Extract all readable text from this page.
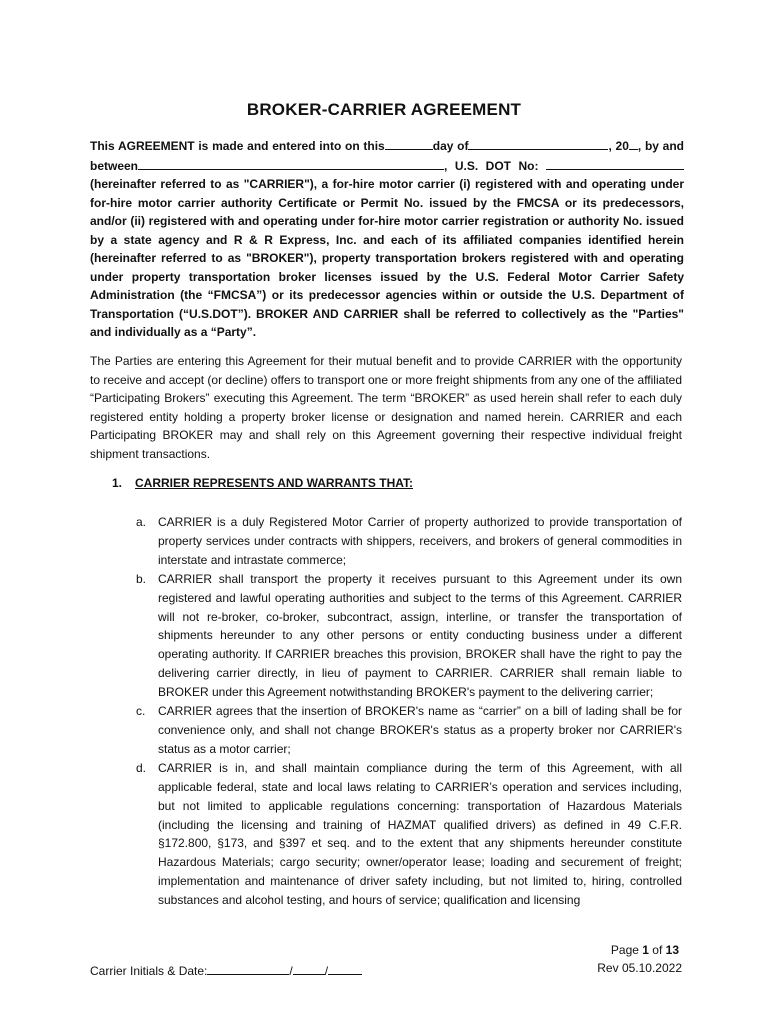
BROKER-CARRIER AGREEMENT
This AGREEMENT is made and entered into on this	day of	, 20 , by and between	, U.S. DOT No:  (hereinafter referred to as "CARRIER"), a for-hire motor carrier (i) registered with and operating under for-hire motor carrier authority Certificate or Permit No. issued by the FMCSA or its predecessors, and/or (ii) registered with and operating under for-hire motor carrier registration or authority No. issued by a state agency and R & R Express, Inc. and each of its affiliated companies identified herein (hereinafter referred to as "BROKER"), property transportation brokers registered with and operating under property transportation broker licenses issued by the U.S. Federal Motor Carrier Safety Administration (the “FMCSA”) or its predecessor agencies within or outside the U.S. Department of Transportation (“U.S.DOT”). BROKER AND CARRIER shall be referred to collectively as the "Parties" and individually as a “Party”.
The Parties are entering this Agreement for their mutual benefit and to provide CARRIER with the opportunity to receive and accept (or decline) offers to transport one or more freight shipments from any one of the affiliated “Participating Brokers” executing this Agreement. The term “BROKER” as used herein shall refer to each duly registered entity holding a property broker license or designation and named herein. CARRIER and each Participating BROKER may and shall rely on this Agreement governing their respective individual freight shipment transactions.
1. CARRIER REPRESENTS AND WARRANTS THAT:
a. CARRIER is a duly Registered Motor Carrier of property authorized to provide transportation of property services under contracts with shippers, receivers, and brokers of general commodities in interstate and intrastate commerce;
b. CARRIER shall transport the property it receives pursuant to this Agreement under its own registered and lawful operating authorities and subject to the terms of this Agreement. CARRIER will not re-broker, co-broker, subcontract, assign, interline, or transfer the transportation of shipments hereunder to any other persons or entity conducting business under a different operating authority. If CARRIER breaches this provision, BROKER shall have the right to pay the delivering carrier directly, in lieu of payment to CARRIER. CARRIER shall remain liable to BROKER under this Agreement notwithstanding BROKER's payment to the delivering carrier;
c.	CARRIER agrees that the insertion of BROKER's name as “carrier” on a bill of lading shall be for convenience only, and shall not change BROKER's status as a property broker nor CARRIER's status as a motor carrier;
d. CARRIER is in, and shall maintain compliance during the term of this Agreement, with all applicable federal, state and local laws relating to CARRIER’s operation and services including, but not limited to applicable regulations concerning: transportation of Hazardous Materials (including the licensing and training of HAZMAT qualified drivers) as defined in 49 C.F.R. §172.800, §173, and §397 et seq. and to the extent that any shipments hereunder constitute Hazardous Materials; cargo security; owner/operator lease; loading and securement of freight; implementation and maintenance of driver safety including, but not limited to, hiring, controlled substances and alcohol testing, and hours of service; qualification and licensing
Page 1 of 13
Rev 05.10.2022
Carrier Initials & Date:	/	/
